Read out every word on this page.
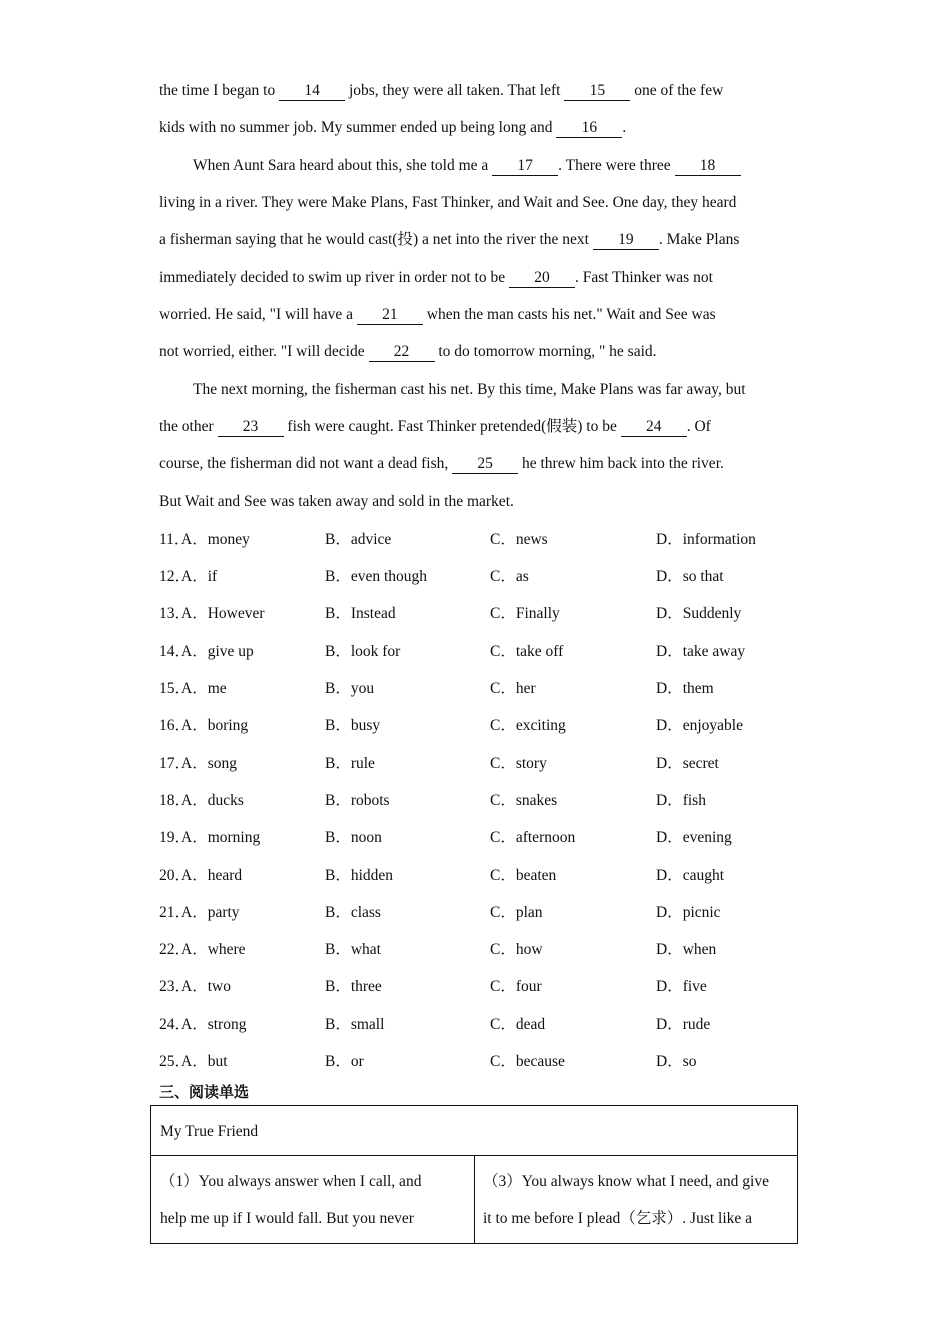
the time I began to 14 jobs, they were all taken. That left 15 one of the few
kids with no summer job. My summer ended up being long and 16 .
When Aunt Sara heard about this, she told me a 17 . There were three 18
living in a river. They were Make Plans, Fast Thinker, and Wait and See. One day, they heard
a fisherman saying that he would cast(投) a net into the river the next 19 . Make Plans
immediately decided to swim up river in order not to be 20 . Fast Thinker was not
worried. He said, "I will have a 21 when the man casts his net." Wait and See was
not worried, either. "I will decide 22 to do tomorrow morning, " he said.
The next morning, the fisherman cast his net. By this time, Make Plans was far away, but
the other 23 fish were caught. Fast Thinker pretended(假装) to be 24 . Of
course, the fisherman did not want a dead fish, 25 he threw him back into the river.
But Wait and See was taken away and sold in the market.
11．
A．money	B．advice	C．news	D．information
12．
A．if	B．even though	C．as	D．so that
13．
A．However	B．Instead	C．Finally	D．Suddenly
14．
A．give up	B．look for	C．take off	D．take away
15．
A．me	B．you	C．her	D．them
16．
A．boring	B．busy	C．exciting	D．enjoyable
17．
A．song	B．rule	C．story	D．secret
18．
A．ducks	B．robots	C．snakes	D．fish
19．
A．morning	B．noon	C．afternoon	D．evening
20．
A．heard	B．hidden	C．beaten	D．caught
21．
A．party	B．class	C．plan	D．picnic
22．
A．where	B．what	C．how	D．when
23．
A．two	B．three	C．four	D．five
24．
A．strong	B．small	C．dead	D．rude
25．
A．but	B．or	C．because	D．so
三、阅读单选
My True Friend
（1）You always answer when I call, and
help me up if I would fall. But you never
（3）You always know what I need, and give
it to me before I plead（乞求）. Just like a
